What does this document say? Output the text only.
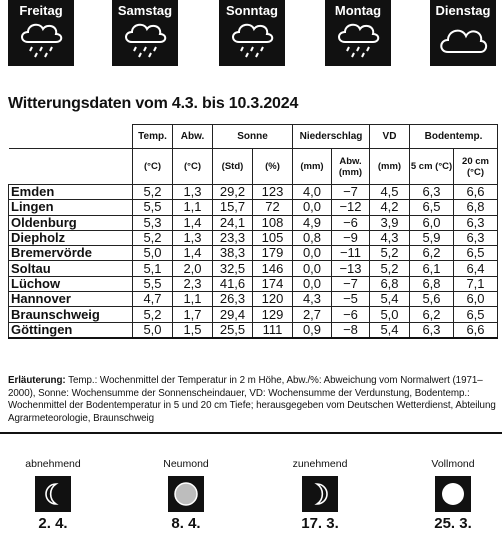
Freitag	Samstag	Sonntag	Montag	Dienstag
Witterungsdaten vom 4.3. bis 10.3.2024
	Temp.	Abw.	Sonne		Niederschlag		VD	Bodentemp.	
	(°C)	(°C)	(Std)	(%)	(mm)	Abw. (mm)	(mm)	5 cm (°C)	20 cm (°C)
Emden	5,2	1,3	29,2	123	4,0	−7	4,5	6,3	6,6
Lingen	5,5	1,1	15,7	72	0,0	−12	4,2	6,5	6,8
Oldenburg	5,3	1,4	24,1	108	4,9	−6	3,9	6,0	6,3
Diepholz	5,2	1,3	23,3	105	0,8	−9	4,3	5,9	6,3
Bremervörde	5,0	1,4	38,3	179	0,0	−11	5,2	6,2	6,5
Soltau	5,1	2,0	32,5	146	0,0	−13	5,2	6,1	6,4
Lüchow	5,5	2,3	41,6	174	0,0	−7	6,8	6,8	7,1
Hannover	4,7	1,1	26,3	120	4,3	−5	5,4	5,6	6,0
Braunschweig	5,2	1,7	29,4	129	2,7	−6	5,0	6,2	6,5
Göttingen	5,0	1,5	25,5	111	0,9	−8	5,4	6,3	6,6
Erläuterung: Temp.: Wochenmittel der Temperatur in 2 m Höhe, Abw./%: Abweichung vom Normalwert (1971–2000), Sonne: Wochensumme der Sonnenscheindauer, VD: Wochensumme der Verdunstung, Bodentemp.: Wochenmittel der Bodentemperatur in 5 und 20 cm Tiefe; herausgegeben vom Deutschen Wetterdienst, Abteilung Agrarmeteorologie, Braunschweig
abnehmend
2. 4.
Neumond
8. 4.
zunehmend
17. 3.
Vollmond
25. 3.
